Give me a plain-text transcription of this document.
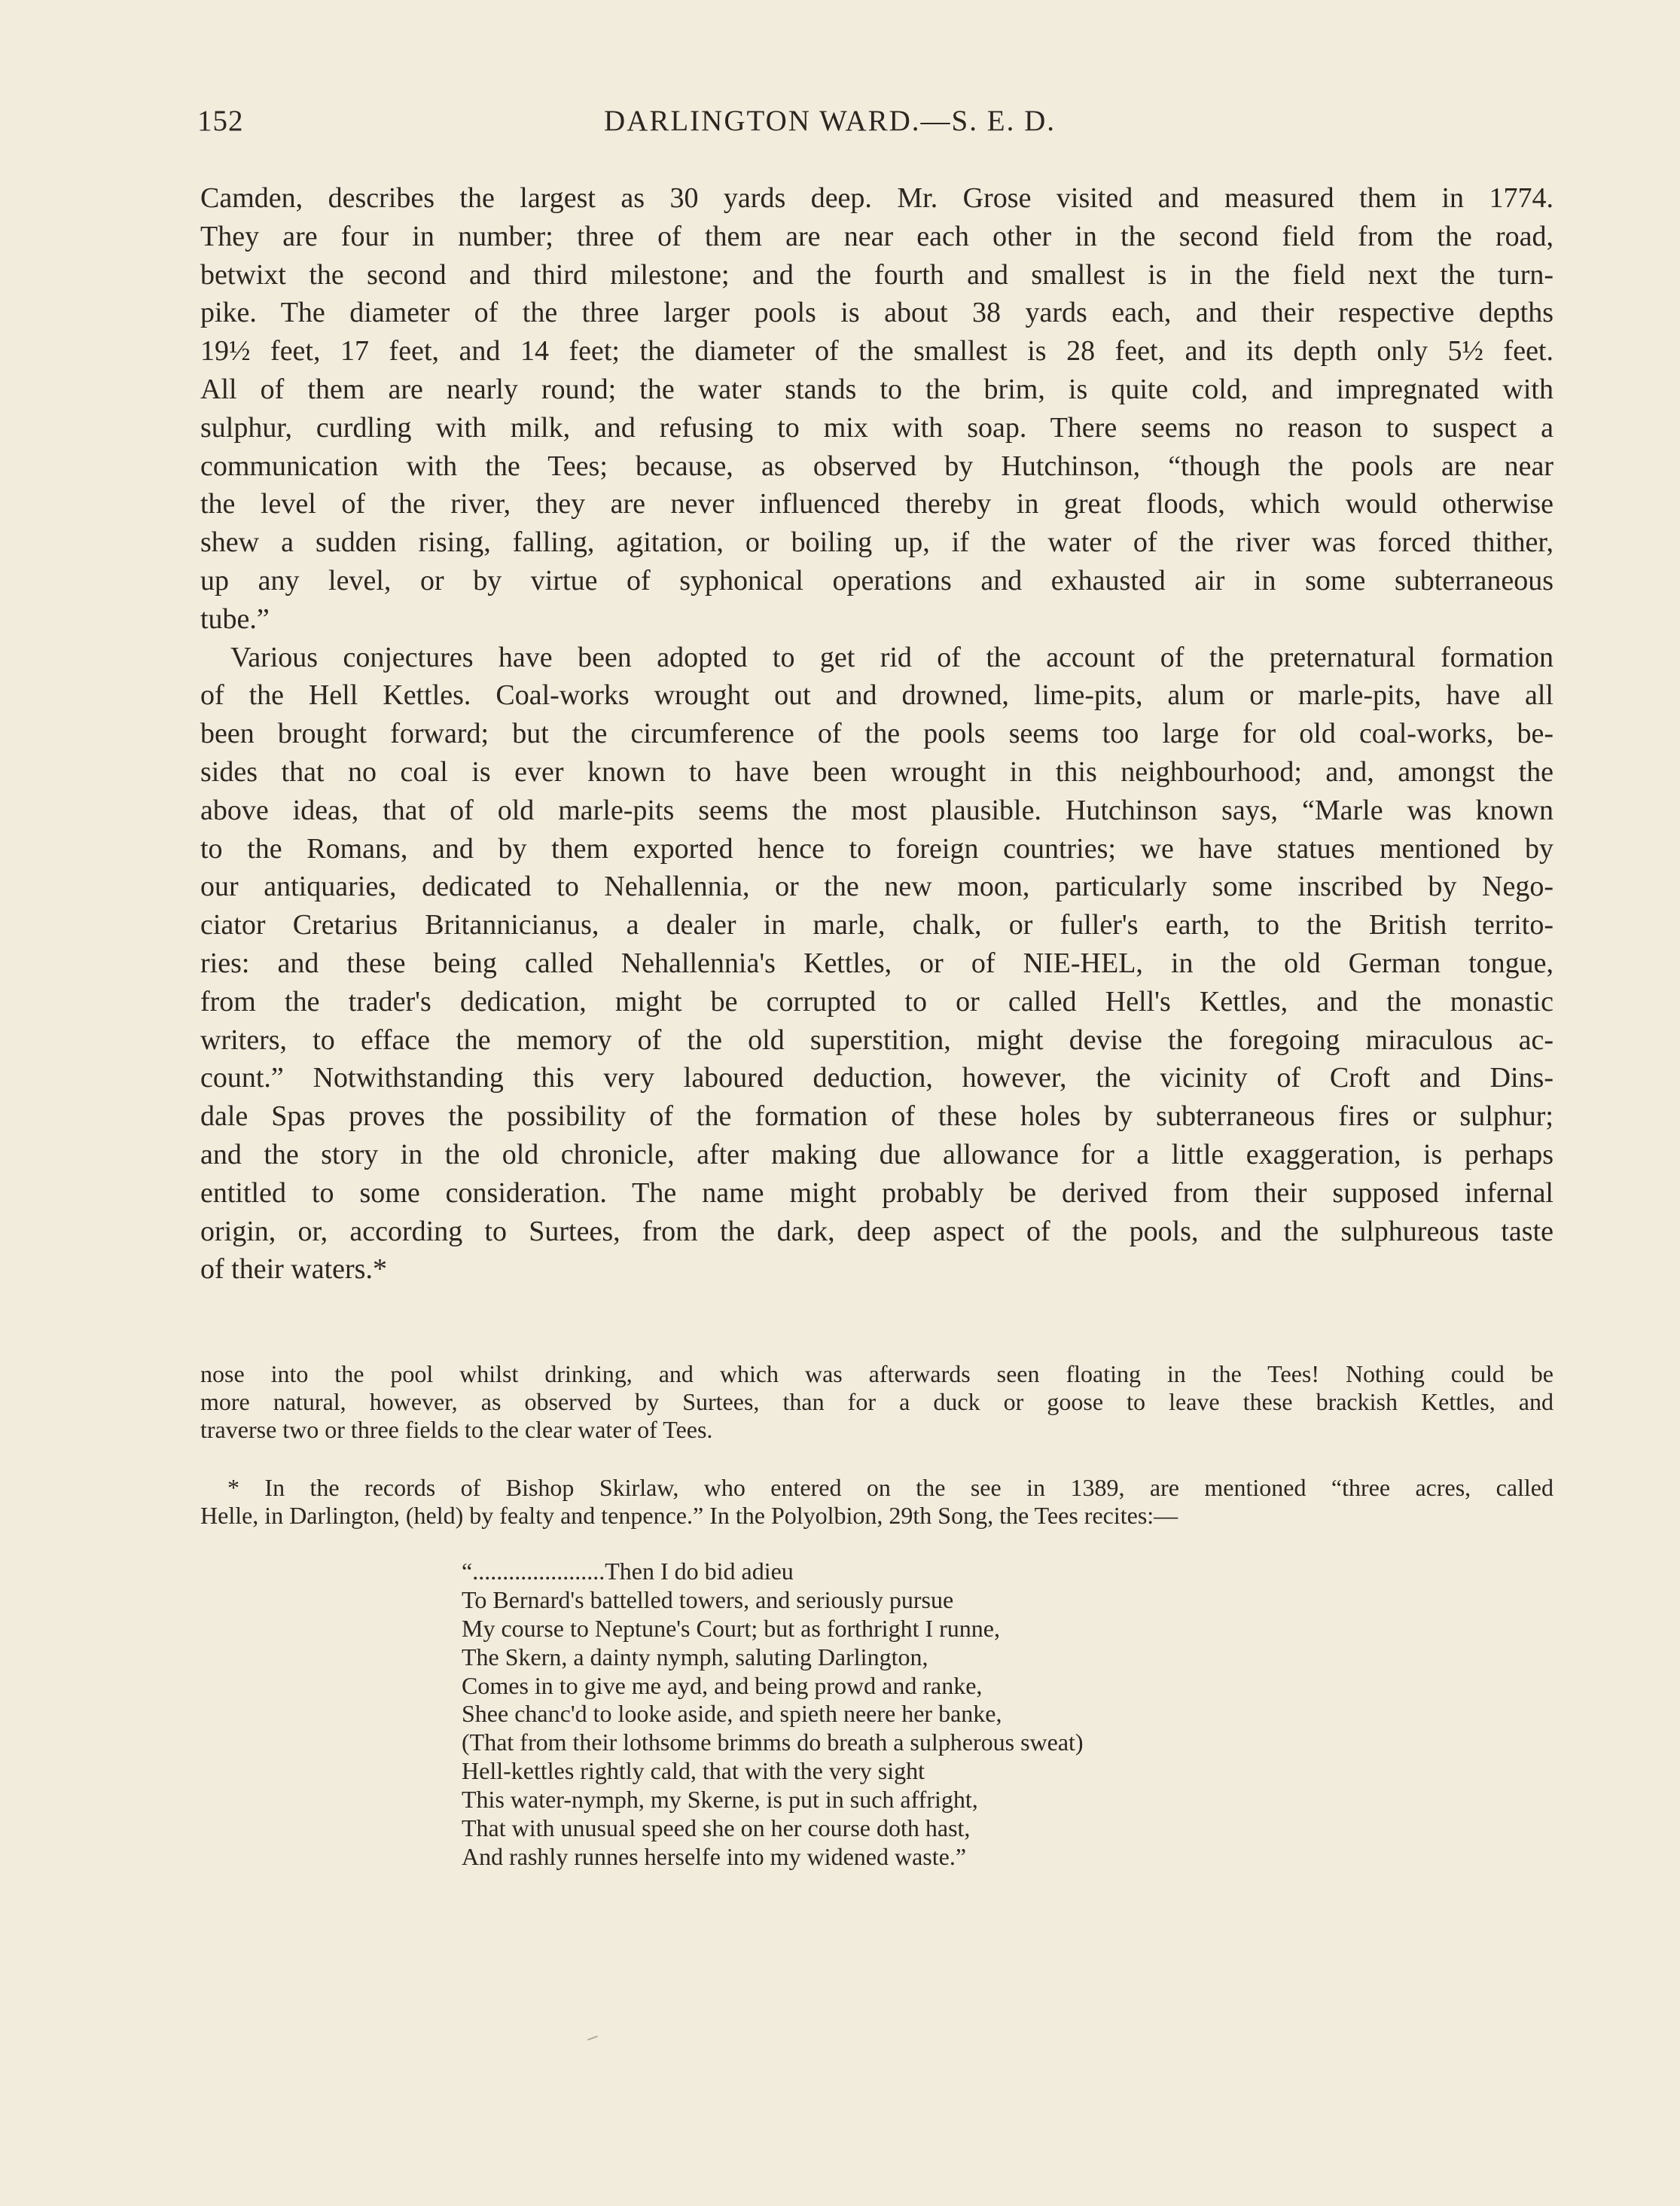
152	DARLINGTON WARD.—S. E. D.
Camden, describes the largest as 30 yards deep. Mr. Grose visited and measured them in 1774.
They are four in number; three of them are near each other in the second field from the road,
betwixt the second and third milestone; and the fourth and smallest is in the field next the turn-
pike. The diameter of the three larger pools is about 38 yards each, and their respective depths
19½ feet, 17 feet, and 14 feet; the diameter of the smallest is 28 feet, and its depth only 5½ feet.
All of them are nearly round; the water stands to the brim, is quite cold, and impregnated with
sulphur, curdling with milk, and refusing to mix with soap. There seems no reason to suspect a
communication with the Tees; because, as observed by Hutchinson, “though the pools are near
the level of the river, they are never influenced thereby in great floods, which would otherwise
shew a sudden rising, falling, agitation, or boiling up, if the water of the river was forced thither,
up any level, or by virtue of syphonical operations and exhausted air in some subterraneous
tube.”
Various conjectures have been adopted to get rid of the account of the preternatural formation
of the Hell Kettles. Coal-works wrought out and drowned, lime-pits, alum or marle-pits, have all
been brought forward; but the circumference of the pools seems too large for old coal-works, be-
sides that no coal is ever known to have been wrought in this neighbourhood; and, amongst the
above ideas, that of old marle-pits seems the most plausible. Hutchinson says, “Marle was known
to the Romans, and by them exported hence to foreign countries; we have statues mentioned by
our antiquaries, dedicated to Nehallennia, or the new moon, particularly some inscribed by Nego-
ciator Cretarius Britannicianus, a dealer in marle, chalk, or fuller's earth, to the British territo-
ries: and these being called Nehallennia's Kettles, or of NIE-HEL, in the old German tongue,
from the trader's dedication, might be corrupted to or called Hell's Kettles, and the monastic
writers, to efface the memory of the old superstition, might devise the foregoing miraculous ac-
count.” Notwithstanding this very laboured deduction, however, the vicinity of Croft and Dins-
dale Spas proves the possibility of the formation of these holes by subterraneous fires or sulphur;
and the story in the old chronicle, after making due allowance for a little exaggeration, is perhaps
entitled to some consideration. The name might probably be derived from their supposed infernal
origin, or, according to Surtees, from the dark, deep aspect of the pools, and the sulphureous taste
of their waters.*
nose into the pool whilst drinking, and which was afterwards seen floating in the Tees! Nothing could be
more natural, however, as observed by Surtees, than for a duck or goose to leave these brackish Kettles, and
traverse two or three fields to the clear water of Tees.
* In the records of Bishop Skirlaw, who entered on the see in 1389, are mentioned “three acres, called
Helle, in Darlington, (held) by fealty and tenpence.” In the Polyolbion, 29th Song, the Tees recites:—
“......................Then I do bid adieu
To Bernard's battelled towers, and seriously pursue
My course to Neptune's Court; but as forthright I runne,
The Skern, a dainty nymph, saluting Darlington,
Comes in to give me ayd, and being prowd and ranke,
Shee chanc'd to looke aside, and spieth neere her banke,
(That from their lothsome brimms do breath a sulpherous sweat)
Hell-kettles rightly cald, that with the very sight
This water-nymph, my Skerne, is put in such affright,
That with unusual speed she on her course doth hast,
And rashly runnes herselfe into my widened waste.”
